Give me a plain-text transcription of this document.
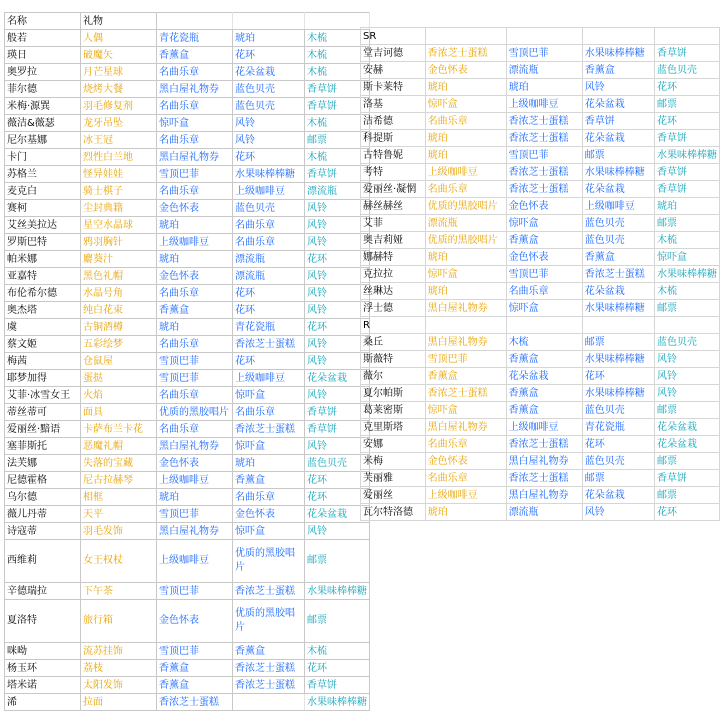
名称	礼物			
般若	人偶	青花瓷瓶	琥珀	木梳
瑛日	破魔矢	香薰盒	花环	木梳
奥罗拉	月芒星球	名曲乐章	花朵盆栽	木梳
菲尔德	烧烤大餐	黑白屋礼物券	蓝色贝壳	香草饼
米梅·源巽	羽毛修复剂	名曲乐章	蓝色贝壳	香草饼
薇洁&薇瑟	龙牙吊坠	惊吓盒	风铃	木梳
尼尔基娜	冰王冠	名曲乐章	风铃	邮票
卡门	烈性白兰地	黑白屋礼物券	花环	木梳
苏格兰	怪异娃娃	雪顶巴菲	水果味棒棒糖	香草饼
麦克白	骑士棋子	名曲乐章	上级咖啡豆	漂流瓶
赛柯	尘封典籍	金色怀表	蓝色贝壳	风铃
艾丝美拉达	星空水晶球	琥珀	名曲乐章	风铃
罗斯巴特	鸦羽胸针	上级咖啡豆	名曲乐章	风铃
帕米娜	麝葵汁	琥珀	漂流瓶	花环
亚嘉特	黑色礼帽	金色怀表	漂流瓶	风铃
布伦希尔德	水晶号角	名曲乐章	花环	风铃
奥杰塔	纯白花束	香薰盒	花环	风铃
虞	古铜酒樽	琥珀	青花瓷瓶	花环
蔡文姬	五彩绘梦	名曲乐章	香浓芝士蛋糕	风铃
梅茜	仓鼠屋	雪顶巴菲	花环	风铃
耶梦加得	蛋挞	雪顶巴菲	上级咖啡豆	花朵盆栽
艾菲·冰雪女王	火焰	名曲乐章	惊吓盒	风铃
蒂丝蒂可	面具	优质的黑胶唱片	名曲乐章	香草饼
爱丽丝·黯语	卡萨布兰卡花	名曲乐章	香浓芝士蛋糕	香草饼
塞菲斯托	恶魔礼帽	黑白屋礼物券	惊吓盒	风铃
法芙娜	失落的宝藏	金色怀表	琥珀	蓝色贝壳
尼德霍格	尼古拉赫琴	上级咖啡豆	香薰盒	花环
乌尔德	相框	琥珀	名曲乐章	花环
薇儿丹蒂	天平	雪顶巴菲	金色怀表	花朵盆栽
诗寇蒂	羽毛发饰	黑白屋礼物券	惊吓盒	风铃
西维莉	女王权杖	上级咖啡豆	优质的黑胶唱片	邮票
辛德瑞拉	下午茶	雪顶巴菲	香浓芝士蛋糕	水果味棒棒糖
夏洛特	旅行箱	金色怀表	优质的黑胶唱片	邮票
咪呦	流苏挂饰	雪顶巴菲	香薰盒	木梳
杨玉环	荔枝	香薰盒	香浓芝士蛋糕	花环
塔米诺	太阳发饰	香薰盒	香浓芝士蛋糕	香草饼
浠	拉面	香浓芝士蛋糕		水果味棒棒糖
SR				
堂吉诃德	香浓芝士蛋糕	雪顶巴菲	水果味棒棒糖	香草饼
安赫	金色怀表	漂流瓶	香薰盒	蓝色贝壳
斯卡莱特	琥珀	琥珀	风铃	花环
洛基	惊吓盒	上级咖啡豆	花朵盆栽	邮票
洁希德	名曲乐章	香浓芝士蛋糕	香草饼	花环
科提斯	琥珀	香浓芝士蛋糕	花朵盆栽	香草饼
古特鲁妮	琥珀	雪顶巴菲	邮票	水果味棒棒糖
考特	上级咖啡豆	香浓芝士蛋糕	水果味棒棒糖	香草饼
爱丽丝·凝惘	名曲乐章	香浓芝士蛋糕	花朵盆栽	香草饼
赫丝赫丝	优质的黑胶唱片	金色怀表	上级咖啡豆	琥珀
艾菲	漂流瓶	惊吓盒	蓝色贝壳	邮票
奥吉莉娅	优质的黑胶唱片	香薰盒	蓝色贝壳	木梳
娜赫特	琥珀	金色怀表	香薰盒	惊吓盒
克拉拉	惊吓盒	雪顶巴菲	香浓芝士蛋糕	水果味棒棒糖
丝琳达	琥珀	名曲乐章	花朵盆栽	木梳
浮士德	黑白屋礼物券	惊吓盒	水果味棒棒糖	邮票
R				
桑丘	黑白屋礼物券	木梳	邮票	蓝色贝壳
斯薇特	雪顶巴菲	香薰盒	水果味棒棒糖	风铃
薇尔	香薰盒	花朵盆栽	花环	风铃
夏尔帕斯	香浓芝士蛋糕	香薰盒	水果味棒棒糖	风铃
葛莱密斯	惊吓盒	香薰盒	蓝色贝壳	邮票
克里斯塔	黑白屋礼物券	上级咖啡豆	青花瓷瓶	花朵盆栽
安娜	名曲乐章	香浓芝士蛋糕	花环	花朵盆栽
米梅	金色怀表	黑白屋礼物券	蓝色贝壳	邮票
芙丽雅	名曲乐章	香浓芝士蛋糕	邮票	香草饼
爱丽丝	上级咖啡豆	黑白屋礼物券	花朵盆栽	邮票
瓦尔特洛德	琥珀	漂流瓶	风铃	花环
